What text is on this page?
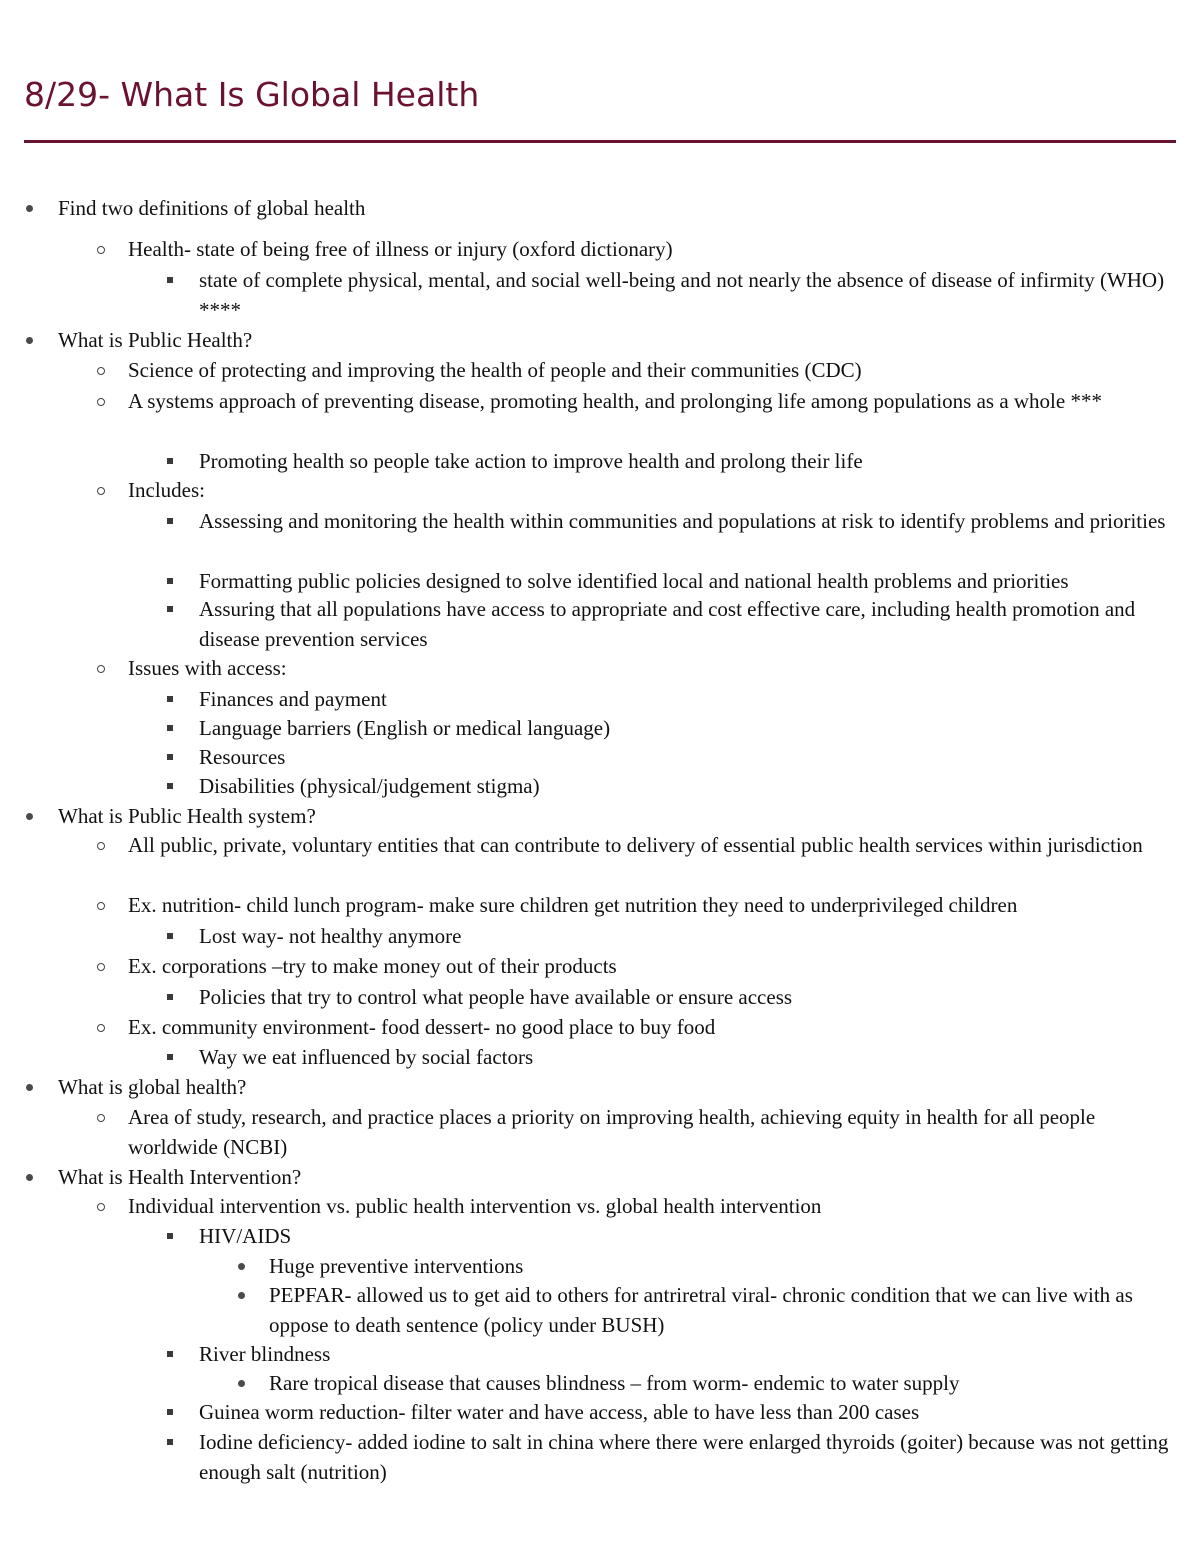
8/29- What Is Global Health
Find two definitions of global health
Health- state of being free of illness or injury (oxford dictionary)
state of complete physical, mental, and social well-being and not nearly the absence of disease of infirmity (WHO) ****
What is Public Health?
Science of protecting and improving the health of people and their communities (CDC)
A systems approach of preventing disease, promoting health, and prolonging life among populations as a whole ***
Promoting health so people take action to improve health and prolong their life
Includes:
Assessing and monitoring the health within communities and populations at risk to identify problems and priorities
Formatting public policies designed to solve identified local and national health problems and priorities
Assuring that all populations have access to appropriate and cost effective care, including health promotion and disease prevention services
Issues with access:
Finances and payment
Language barriers (English or medical language)
Resources
Disabilities (physical/judgement stigma)
What is Public Health system?
All public, private, voluntary entities that can contribute to delivery of essential public health services within jurisdiction
Ex. nutrition- child lunch program- make sure children get nutrition they need to underprivileged children
Lost way- not healthy anymore
Ex. corporations –try to make money out of their products
Policies that try to control what people have available or ensure access
Ex. community environment- food dessert- no good place to buy food
Way we eat influenced by social factors
What is global health?
Area of study, research, and practice places a priority on improving health, achieving equity in health for all people worldwide (NCBI)
What is Health Intervention?
Individual intervention vs. public health intervention vs. global health intervention
HIV/AIDS
Huge preventive interventions
PEPFAR- allowed us to get aid to others for antriretral viral- chronic condition that we can live with as oppose to death sentence (policy under BUSH)
River blindness
Rare tropical disease that causes blindness – from worm- endemic to water supply
Guinea worm reduction- filter water and have access, able to have less than 200 cases
Iodine deficiency- added iodine to salt in china where there were enlarged thyroids (goiter) because was not getting enough salt (nutrition)
